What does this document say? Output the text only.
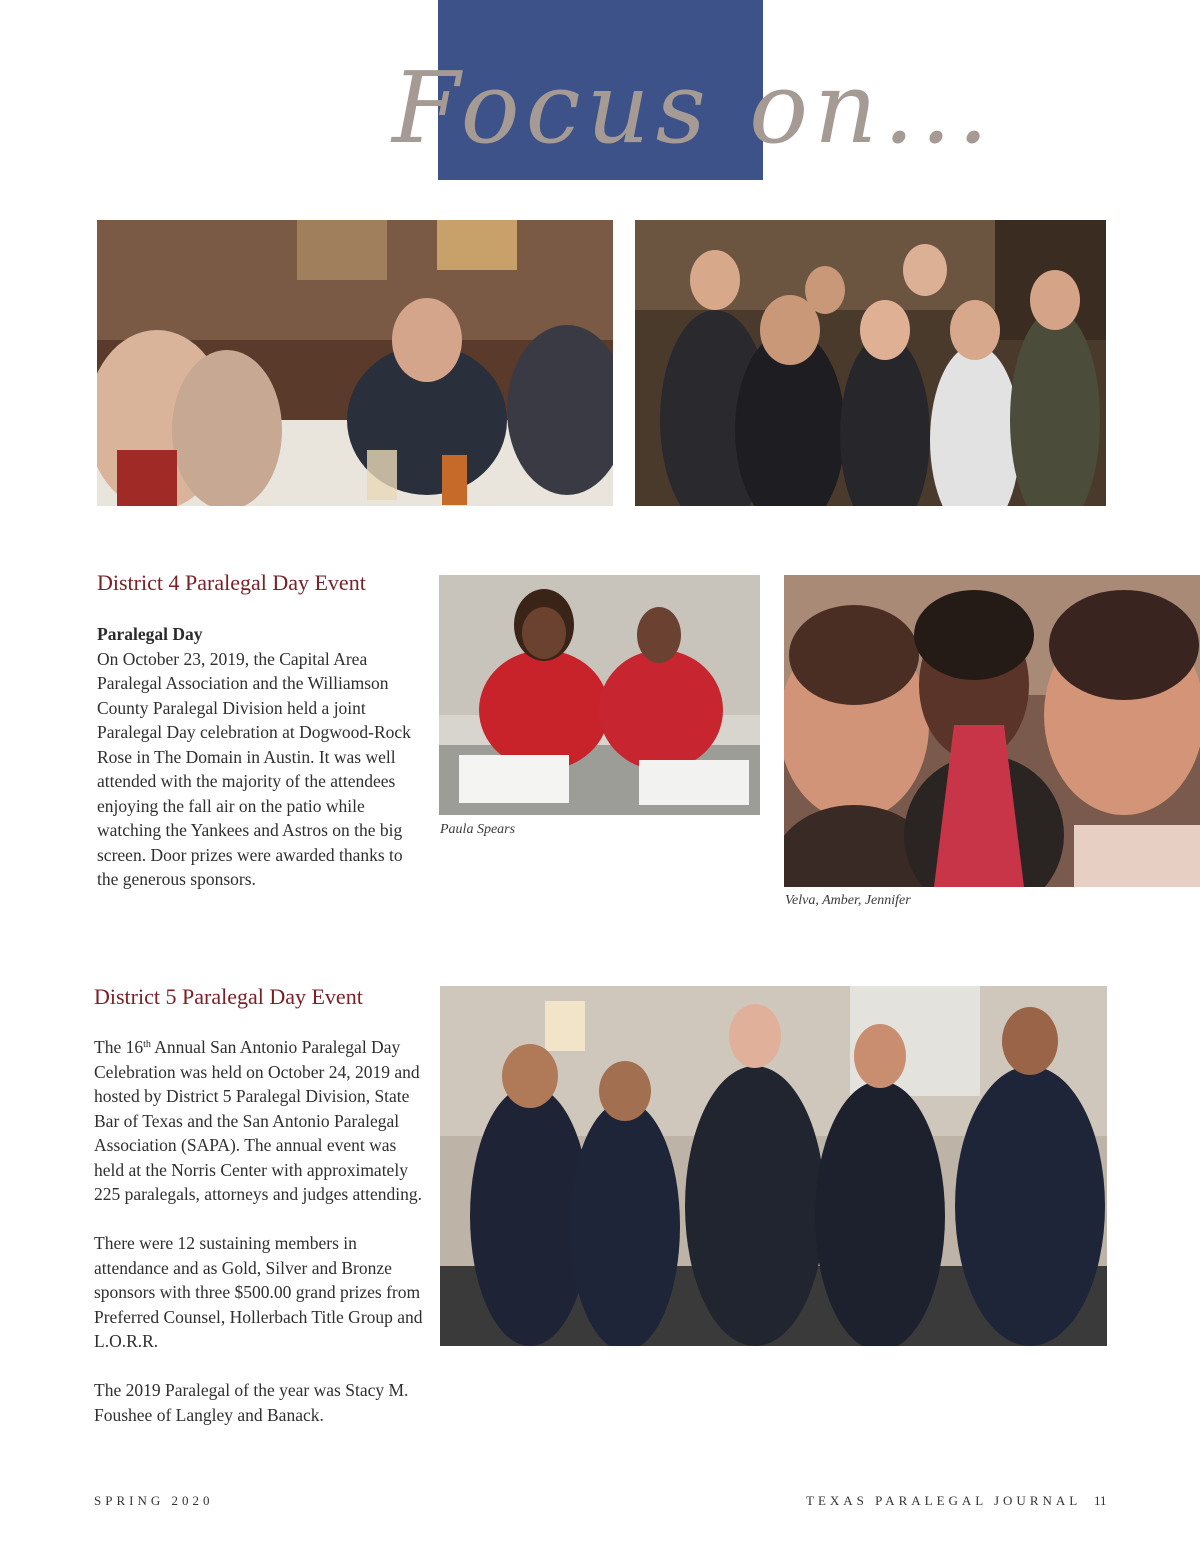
Focus on...
District 4 Paralegal Day Event
Paralegal Day
On October 23, 2019, the Capital Area Paralegal Association and the Williamson County Paralegal Division held a joint Paralegal Day celebration at Dogwood-Rock Rose in The Domain in Austin. It was well attended with the majority of the attendees enjoying the fall air on the patio while watching the Yankees and Astros on the big screen. Door prizes were awarded thanks to the generous sponsors.
Paula Spears
Velva, Amber, Jennifer
District 5 Paralegal Day Event

The 16th Annual San Antonio Paralegal Day Celebration was held on October 24, 2019 and hosted by District 5 Paralegal Division, State Bar of Texas and the San Antonio Paralegal Association (SAPA). The annual event was held at the Norris Center with approximately 225 paralegals, attorneys and judges attending.

There were 12 sustaining members in attendance and as Gold, Silver and Bronze sponsors with three $500.00 grand prizes from Preferred Counsel, Hollerbach Title Group and L.O.R.R.

The 2019 Paralegal of the year was Stacy M. Foushee of Langley and Banack.

SPRING 2020	TEXAS PARALEGAL JOURNAL 11
